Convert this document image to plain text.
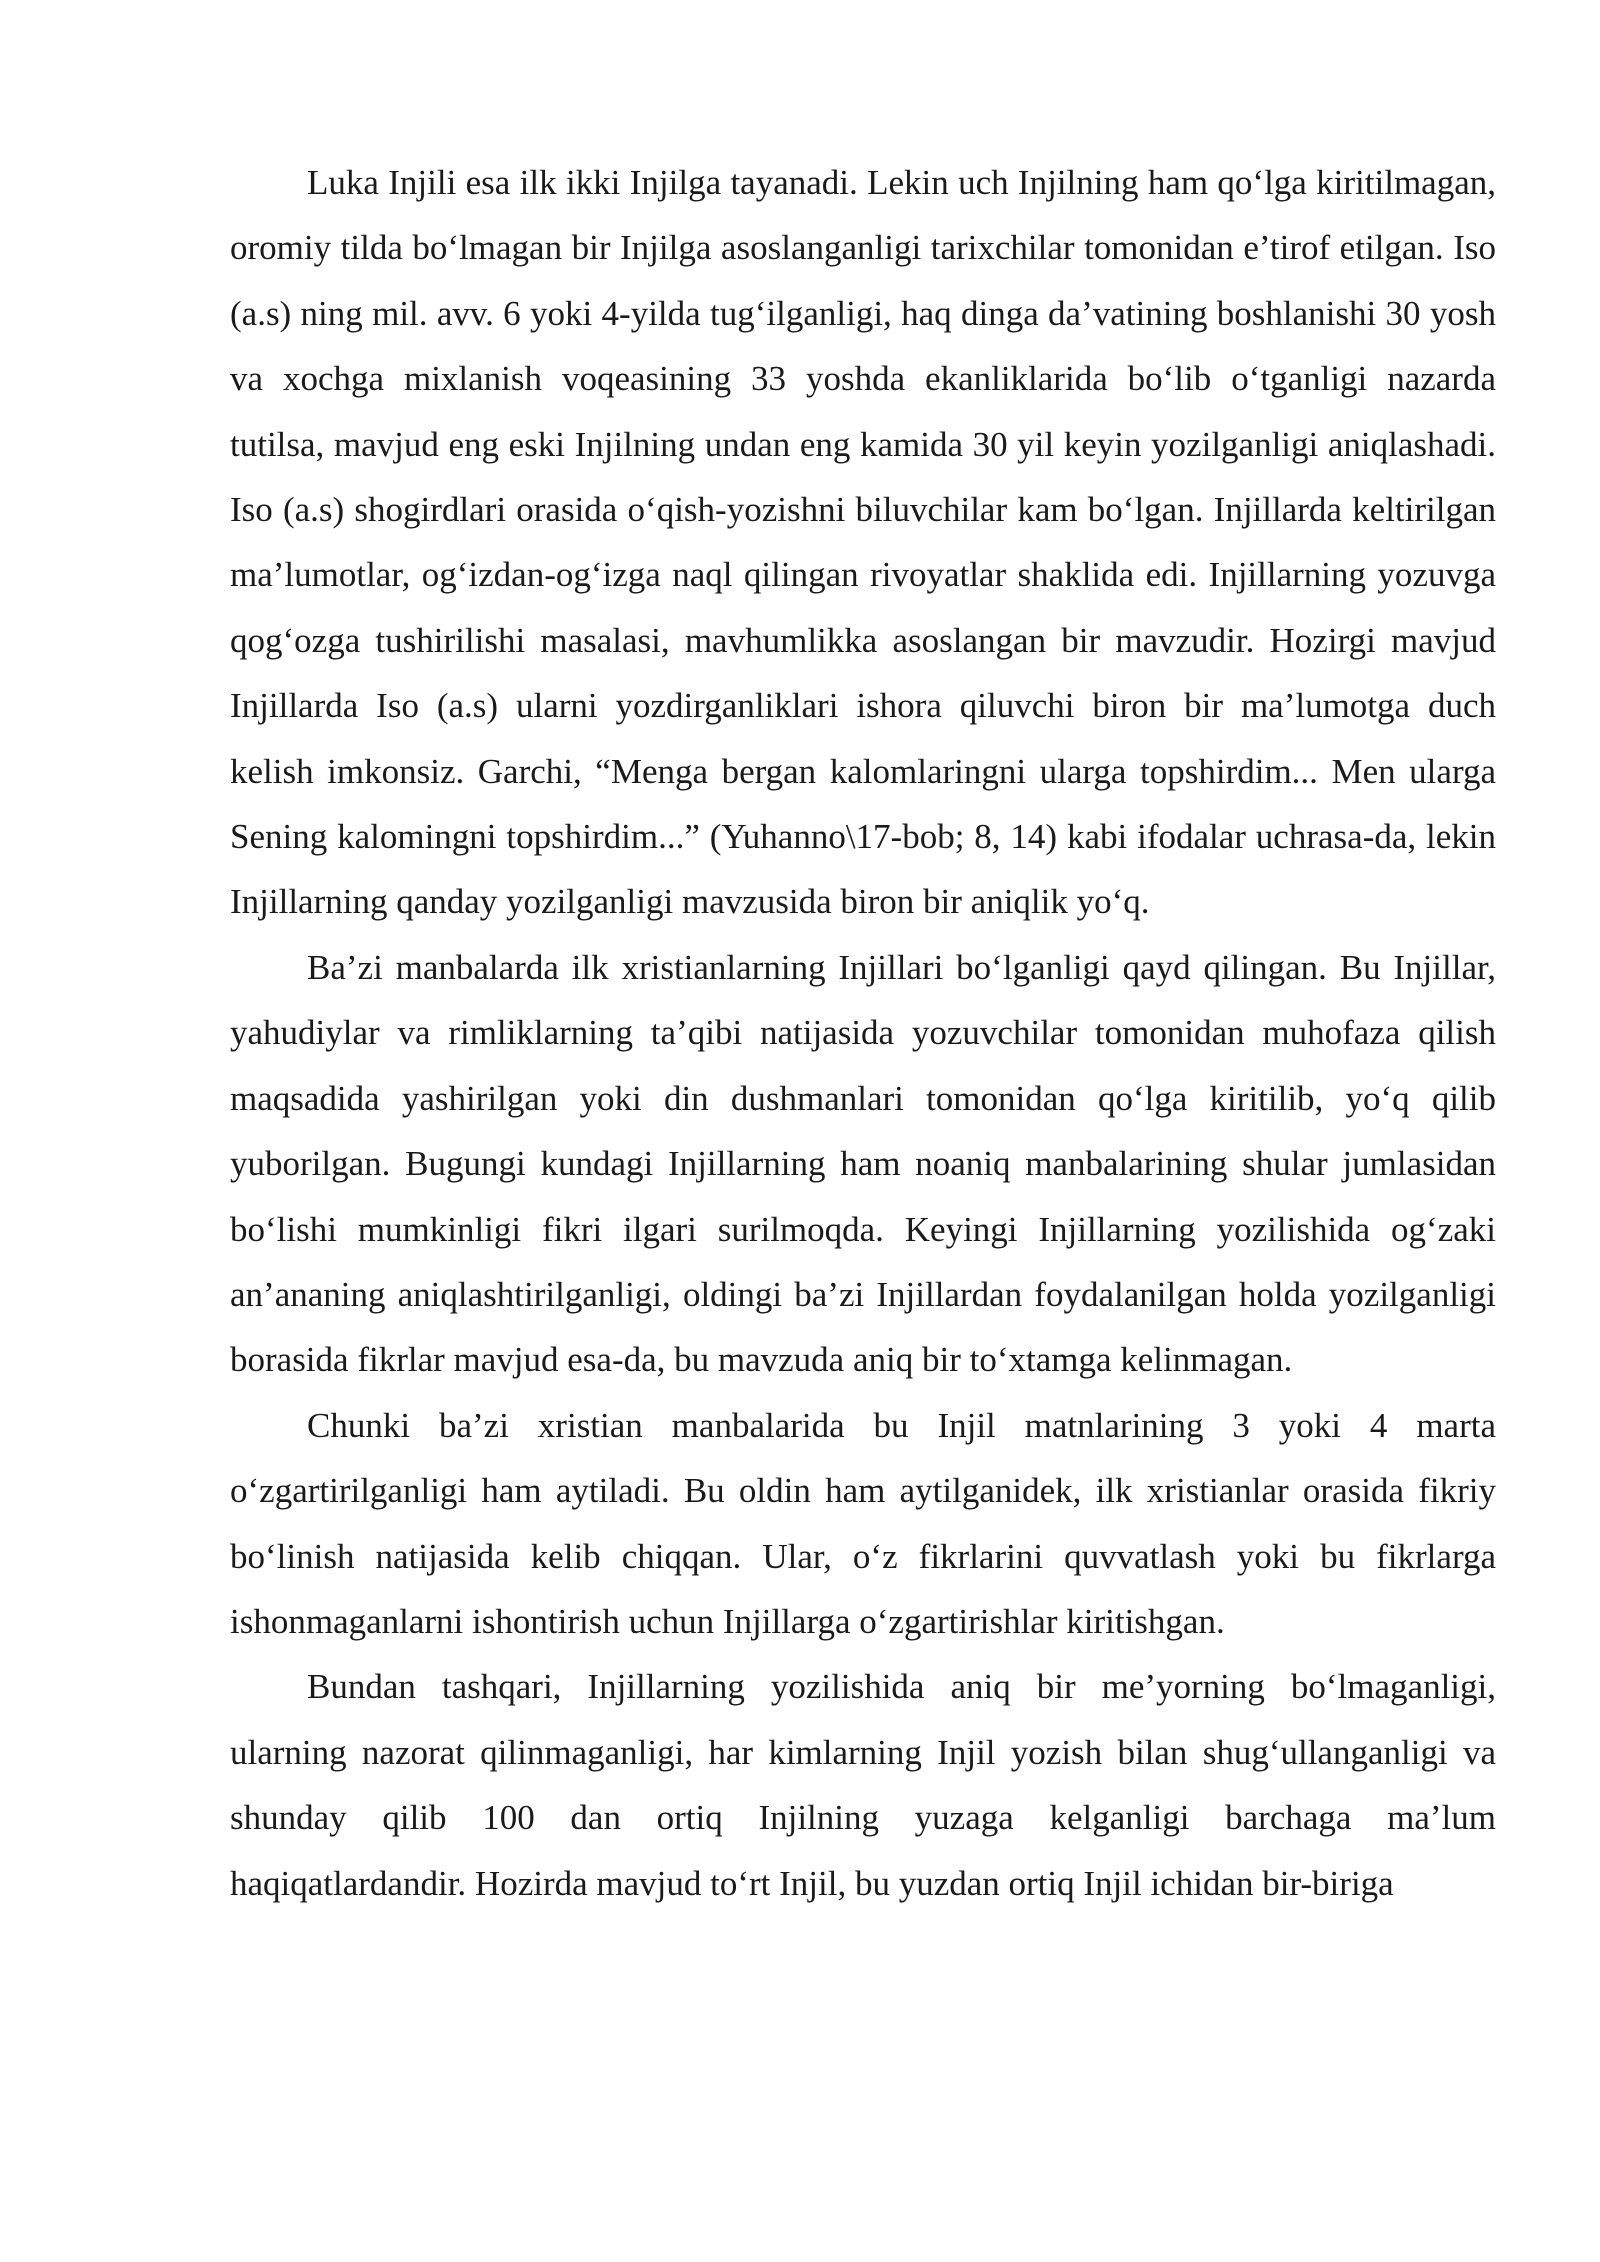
Luka Injili esa ilk ikki Injilga tayanadi. Lekin uch Injilning ham qo‘lga kiritilmagan, oromiy tilda bo‘lmagan bir Injilga asoslanganligi tarixchilar tomonidan e’tirof etilgan. Iso (a.s) ning mil. avv. 6 yoki 4-yilda tug‘ilganligi, haq dinga da’vatining boshlanishi 30 yosh va xochga mixlanish voqeasining 33 yoshda ekanliklarida bo‘lib o‘tganligi nazarda tutilsa, mavjud eng eski Injilning undan eng kamida 30 yil keyin yozilganligi aniqlashadi. Iso (a.s) shogirdlari orasida o‘qish-yozishni biluvchilar kam bo‘lgan. Injillarda keltirilgan ma’lumotlar, og‘izdan-og‘izga naql qilingan rivoyatlar shaklida edi. Injillarning yozuvga qog‘ozga tushirilishi masalasi, mavhumlikka asoslangan bir mavzudir. Hozirgi mavjud Injillarda Iso (a.s) ularni yozdirganliklari ishora qiluvchi biron bir ma’lumotga duch kelish imkonsiz. Garchi, “Menga bergan kalomlaringni ularga topshirdim... Men ularga Sening kalomingni topshirdim...” (Yuhanno\17-bob; 8, 14) kabi ifodalar uchrasa-da, lekin Injillarning qanday yozilganligi mavzusida biron bir aniqlik yo‘q.

Ba’zi manbalarda ilk xristianlarning Injillari bo‘lganligi qayd qilingan. Bu Injillar, yahudiylar va rimliklarning ta’qibi natijasida yozuvchilar tomonidan muhofaza qilish maqsadida yashirilgan yoki din dushmanlari tomonidan qo‘lga kiritilib, yo‘q qilib yuborilgan. Bugungi kundagi Injillarning ham noaniq manbalarining shular jumlasidan bo‘lishi mumkinligi fikri ilgari surilmoqda. Keyingi Injillarning yozilishida og‘zaki an’ananing aniqlashtirilganligi, oldingi ba’zi Injillardan foydalanilgan holda yozilganligi borasida fikrlar mavjud esa-da, bu mavzuda aniq bir to‘xtamga kelinmagan.

Chunki ba’zi xristian manbalarida bu Injil matnlarining 3 yoki 4 marta o‘zgartirilganligi ham aytiladi. Bu oldin ham aytilganidek, ilk xristianlar orasida fikriy bo‘linish natijasida kelib chiqqan. Ular, o‘z fikrlarini quvvatlash yoki bu fikrlarga ishonmaganlarni ishontirish uchun Injillarga o‘zgartirishlar kiritishgan.

Bundan tashqari, Injillarning yozilishida aniq bir me’yorning bo‘lmaganligi, ularning nazorat qilinmaganligi, har kimlarning Injil yozish bilan shug‘ullanganligi va shunday qilib 100 dan ortiq Injilning yuzaga kelganligi barchaga ma’lum haqiqatlardandir. Hozirda mavjud to‘rt Injil, bu yuzdan ortiq Injil ichidan bir-biriga
